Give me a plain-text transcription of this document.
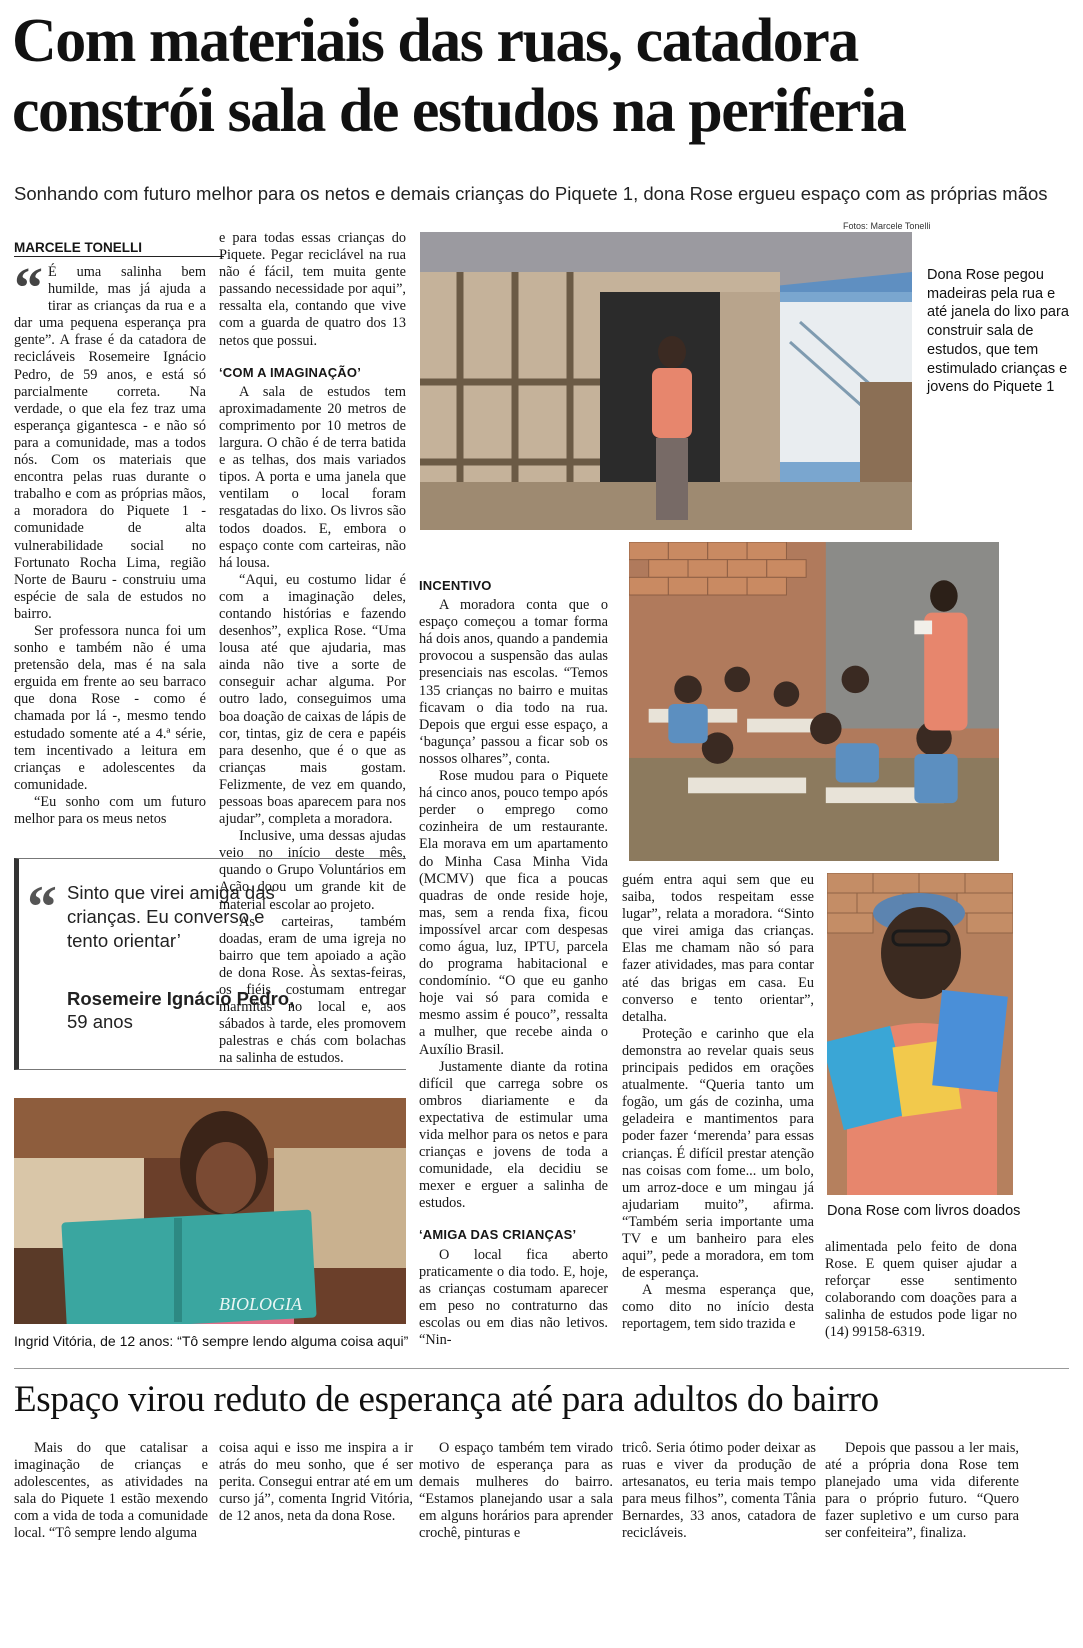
Com materiais das ruas, catadora
constrói sala de estudos na periferia
Sonhando com futuro melhor para os netos e demais crianças do Piquete 1, dona Rose ergueu espaço com as próprias mãos
MARCELE TONELLI

“ É uma salinha bem humilde, mas já ajuda a tirar as crianças da rua e a dar uma pequena esperança pra gente”. A frase é da catadora de recicláveis Rosemeire Ignácio Pedro, de 59 anos, e está só parcialmente correta. Na verdade, o que ela fez traz uma esperança gigantesca - e não só para a comunidade, mas a todos nós. Com os materiais que encontra pelas ruas durante o trabalho e com as próprias mãos, a moradora do Piquete 1 - comunidade de alta vulnerabilidade social no Fortunato Rocha Lima, região Norte de Bauru - construiu uma espécie de sala de estudos no bairro.

Ser professora nunca foi um sonho e também não é uma pretensão dela, mas é na sala erguida em frente ao seu barraco que dona Rose - como é chamada por lá -, mesmo tendo estudado somente até a 4.ª série, tem incentivado a leitura em crianças e adolescentes da comunidade.

“Eu sonho com um futuro melhor para os meus netos

“ Sinto que virei amiga das crianças. Eu converso e tento orientar’
Rosemeire Ignácio Pedro,
59 anos

e para todas essas crianças do Piquete. Pegar reciclável na rua não é fácil, tem muita gente passando necessidade por aqui”, ressalta ela, contando que vive com a guarda de quatro dos 13 netos que possui.

‘COM A IMAGINAÇÃO’

A sala de estudos tem aproximadamente 20 metros de comprimento por 10 metros de largura. O chão é de terra batida e as telhas, dos mais variados tipos. A porta e uma janela que ventilam o local foram resgatadas do lixo. Os livros são todos doados. E, embora o espaço conte com carteiras, não há lousa.

“Aqui, eu costumo lidar é com a imaginação deles, contando histórias e fazendo desenhos”, explica Rose. “Uma lousa até que ajudaria, mas ainda não tive a sorte de conseguir achar alguma. Por outro lado, conseguimos uma boa doação de caixas de lápis de cor, tintas, giz de cera e papéis para desenho, que é o que as crianças mais gostam. Felizmente, de vez em quando, pessoas boas aparecem para nos ajudar”, completa a moradora.

Inclusive, uma dessas ajudas veio no início deste mês, quando o Grupo Voluntários em Ação doou um grande kit de material escolar ao projeto.

As carteiras, também doadas, eram de uma igreja no bairro que tem apoiado a ação de dona Rose. Às sextas-feiras, os fiéis costumam entregar marmitas no local e, aos sábados à tarde, eles promovem palestras e chás com bolachas na salinha de estudos.

Fotos: Marcele Tonelli
Dona Rose pegou madeiras pela rua e até janela do lixo para construir sala de estudos, que tem estimulado crianças e jovens do Piquete 1
INCENTIVO

A moradora conta que o espaço começou a tomar forma há dois anos, quando a pandemia provocou a suspensão das aulas presenciais nas escolas. “Temos 135 crianças no bairro e muitas ficavam o dia todo na rua. Depois que ergui esse espaço, a ‘bagunça’ passou a ficar sob os nossos olhares”, conta.

Rose mudou para o Piquete há cinco anos, pouco tempo após perder o emprego como cozinheira de um restaurante. Ela morava em um apartamento do Minha Casa Minha Vida (MCMV) que fica a poucas quadras de onde reside hoje, mas, sem a renda fixa, ficou impossível arcar com despesas como água, luz, IPTU, parcela do programa habitacional e condomínio. “O que eu ganho hoje vai só para comida e mesmo assim é pouco”, ressalta a mulher, que recebe ainda o Auxílio Brasil.

Justamente diante da rotina difícil que carrega sobre os ombros diariamente e da expectativa de estimular uma vida melhor para os netos e para crianças e jovens de toda a comunidade, ela decidiu se mexer e erguer a salinha de estudos.

‘AMIGA DAS CRIANÇAS’

O local fica aberto praticamente o dia todo. E, hoje, as crianças costumam aparecer em peso no contraturno das escolas ou em dias não letivos. “Nin-

guém entra aqui sem que eu saiba, todos respeitam esse lugar”, relata a moradora. “Sinto que virei amiga das crianças. Elas me chamam não só para fazer atividades, mas para contar até das brigas em casa. Eu converso e tento orientar”, detalha.

Proteção e carinho que ela demonstra ao revelar quais seus principais pedidos em orações atualmente. “Queria tanto um fogão, um gás de cozinha, uma geladeira e mantimentos para poder fazer ‘merenda’ para essas crianças. É difícil prestar atenção nas coisas com fome... um bolo, um arroz-doce e um mingau já ajudariam muito”, afirma. “Também seria importante uma TV e um banheiro para eles aqui”, pede a moradora, em tom de esperança.

A mesma esperança que, como dito no início desta reportagem, tem sido trazida e

Dona Rose com livros doados

alimentada pelo feito de dona Rose. E quem quiser ajudar a reforçar esse sentimento colaborando com doações para a salinha de estudos pode ligar no (14) 99158-6319.

BIOLOGIA
Ingrid Vitória, de 12 anos: “Tô sempre lendo alguma coisa aqui”
Espaço virou reduto de esperança até para adultos do bairro

Mais do que catalisar a imaginação de crianças e adolescentes, as atividades na sala do Piquete 1 estão mexendo com a vida de toda a comunidade local. “Tô sempre lendo alguma

coisa aqui e isso me inspira a ir atrás do meu sonho, que é ser perita. Consegui entrar até em um curso já”, comenta Ingrid Vitória, de 12 anos, neta da dona Rose.

O espaço também tem virado motivo de esperança para as demais mulheres do bairro. “Estamos planejando usar a sala em alguns horários para aprender crochê, pinturas e

tricô. Seria ótimo poder deixar as ruas e viver da produção de artesanatos, eu teria mais tempo para meus filhos”, comenta Tânia Bernardes, 33 anos, catadora de recicláveis.

Depois que passou a ler mais, até a própria dona Rose tem planejado uma vida diferente para o próprio futuro. “Quero fazer supletivo e um curso para ser confeiteira”, finaliza.
